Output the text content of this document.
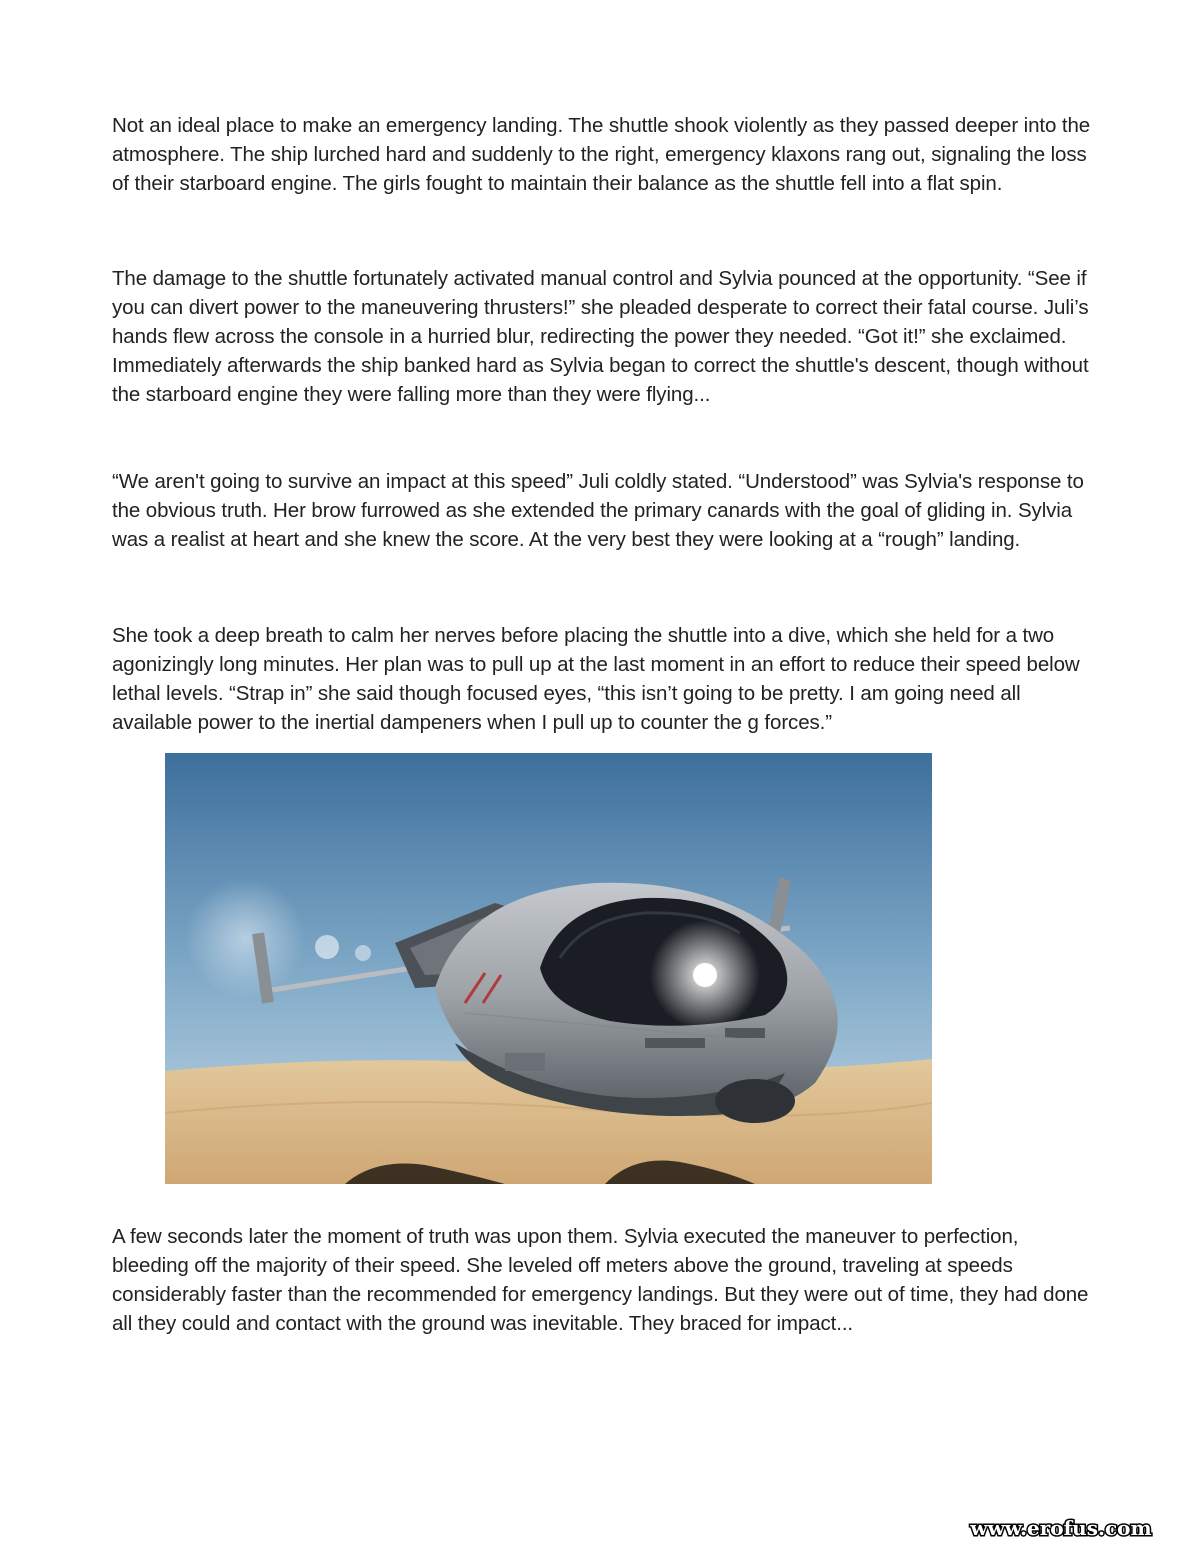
Not an ideal place to make an emergency landing. The shuttle shook violently as they passed deeper into the atmosphere. The ship lurched hard and suddenly to the right, emergency klaxons rang out, signaling the loss of their starboard engine. The girls fought to maintain their balance as the shuttle fell into a flat spin.

The damage to the shuttle fortunately activated manual control and Sylvia pounced at the opportunity. “See if you can divert power to the maneuvering thrusters!” she pleaded desperate to correct their fatal course. Juli’s hands flew across the console in a hurried blur, redirecting the power they needed. “Got it!” she exclaimed. Immediately afterwards the ship banked hard as Sylvia began to correct the shuttle's descent, though without the starboard engine they were falling more than they were flying...

“We aren't going to survive an impact at this speed” Juli coldly stated. “Understood” was Sylvia's response to the obvious truth. Her brow furrowed as she extended the primary canards with the goal of gliding in. Sylvia was a realist at heart and she knew the score. At the very best they were looking at a “rough” landing.

She took a deep breath to calm her nerves before placing the shuttle into a dive, which she held for a two agonizingly long minutes. Her plan was to pull up at the last moment in an effort to reduce their speed below lethal levels. “Strap in” she said though focused eyes, “this isn’t going to be pretty. I am going need all available power to the inertial dampeners when I pull up to counter the g forces.”

A few seconds later the moment of truth was upon them. Sylvia executed the maneuver to perfection, bleeding off the majority of their speed. She leveled off meters above the ground, traveling at speeds considerably faster than the recommended for emergency landings. But they were out of time, they had done all they could and contact with the ground was inevitable. They braced for impact...

www.erofus.com
